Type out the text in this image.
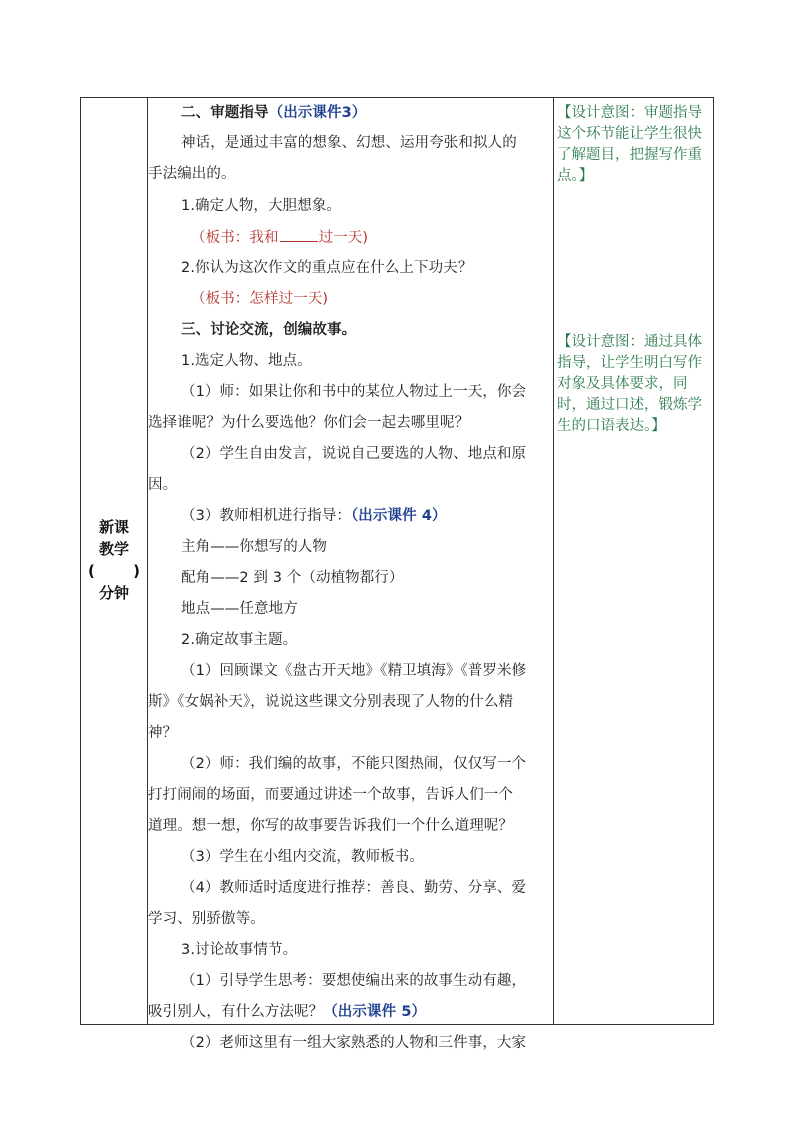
新课
教学
(	)
分钟
二、审题指导（出示课件3）
神话，是通过丰富的想象、幻想、运用夸张和拟人的
手法编出的。
1.确定人物，大胆想象。
（板书：我和	过一天)
2.你认为这次作文的重点应在什么上下功夫？
（板书：怎样过一天)
三、讨论交流，创编故事。
1.选定人物、地点。
（1）师：如果让你和书中的某位人物过上一天，你会
选择谁呢？为什么要选他？你们会一起去哪里呢？
（2）学生自由发言，说说自己要选的人物、地点和原
因。
（3）教师相机进行指导：（出示课件 4）
主角——你想写的人物
配角——2 到 3 个（动植物都行）
地点——任意地方
2.确定故事主题。
（1）回顾课文《盘古开天地》《精卫填海》《普罗米修
斯》《女娲补天》，说说这些课文分别表现了人物的什么精
神？
（2）师：我们编的故事，不能只图热闹，仅仅写一个
打打闹闹的场面，而要通过讲述一个故事，告诉人们一个
道理。想一想，你写的故事要告诉我们一个什么道理呢？
（3）学生在小组内交流，教师板书。
（4）教师适时适度进行推荐：善良、勤劳、分享、爱
学习、别骄傲等。
3.讨论故事情节。
（1）引导学生思考：要想使编出来的故事生动有趣，
吸引别人，有什么方法呢？（出示课件 5）
（2）老师这里有一组大家熟悉的人物和三件事，大家
【设计意图：审题指导这个环节能让学生很快了解题目，把握写作重点。】
【设计意图：通过具体指导，让学生明白写作对象及具体要求，同时，通过口述，锻炼学生的口语表达。】
